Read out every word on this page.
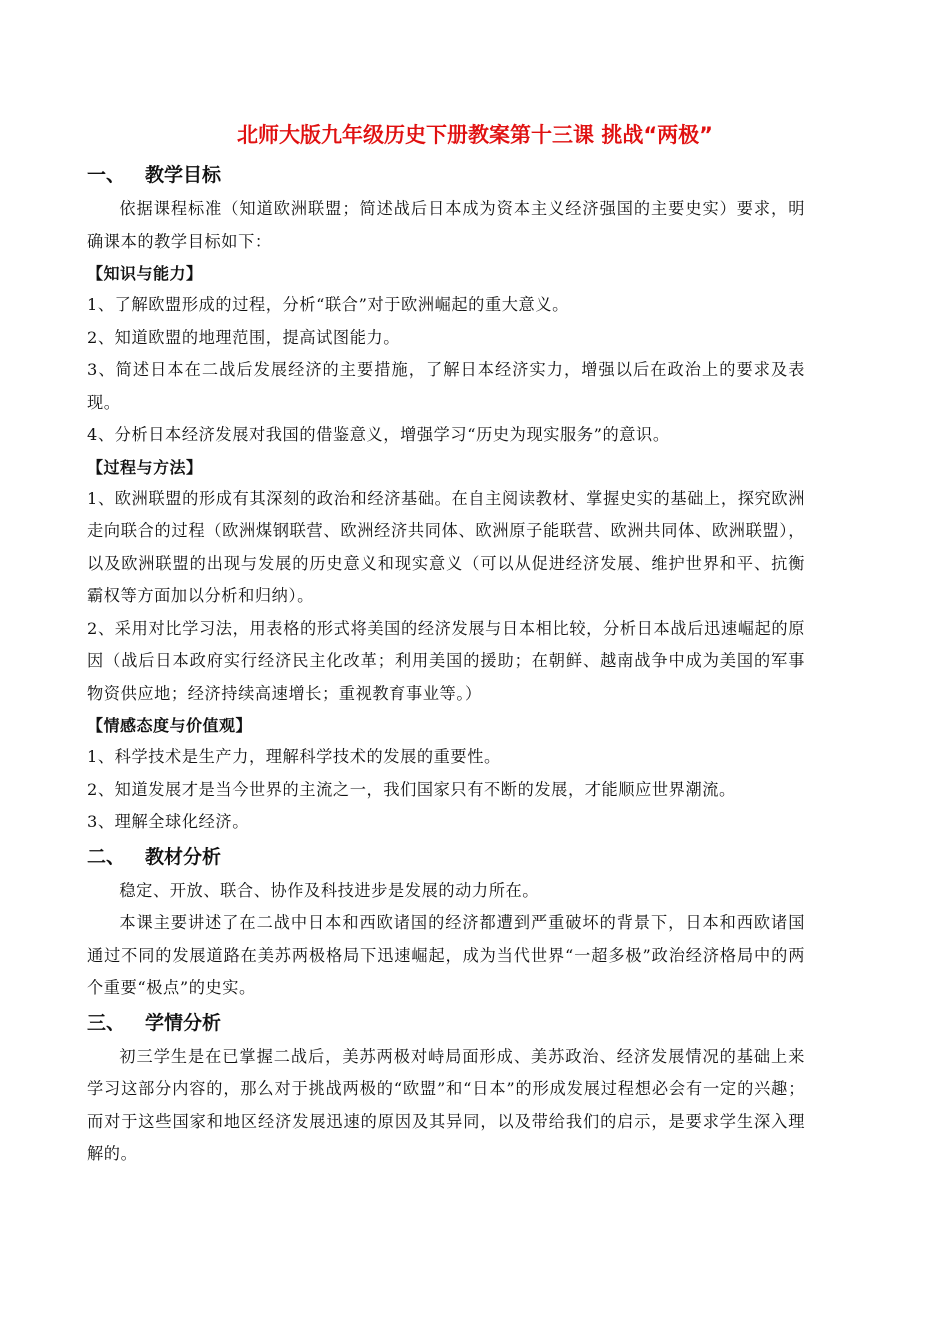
北师大版九年级历史下册教案第十三课 挑战“两极”
一、 教学目标

依据课程标准（知道欧洲联盟；简述战后日本成为资本主义经济强国的主要史实）要求，明确课本的教学目标如下：

【知识与能力】

1、了解欧盟形成的过程，分析“联合”对于欧洲崛起的重大意义。

2、知道欧盟的地理范围，提高试图能力。

3、简述日本在二战后发展经济的主要措施，了解日本经济实力，增强以后在政治上的要求及表现。

4、分析日本经济发展对我国的借鉴意义，增强学习“历史为现实服务”的意识。

【过程与方法】

1、欧洲联盟的形成有其深刻的政治和经济基础。在自主阅读教材、掌握史实的基础上，探究欧洲走向联合的过程（欧洲煤钢联营、欧洲经济共同体、欧洲原子能联营、欧洲共同体、欧洲联盟），以及欧洲联盟的出现与发展的历史意义和现实意义（可以从促进经济发展、维护世界和平、抗衡霸权等方面加以分析和归纳）。

2、采用对比学习法，用表格的形式将美国的经济发展与日本相比较，分析日本战后迅速崛起的原因（战后日本政府实行经济民主化改革；利用美国的援助；在朝鲜、越南战争中成为美国的军事物资供应地；经济持续高速增长；重视教育事业等。）

【情感态度与价值观】

1、科学技术是生产力，理解科学技术的发展的重要性。

2、知道发展才是当今世界的主流之一，我们国家只有不断的发展，才能顺应世界潮流。

3、理解全球化经济。

二、 教材分析

稳定、开放、联合、协作及科技进步是发展的动力所在。

本课主要讲述了在二战中日本和西欧诸国的经济都遭到严重破坏的背景下，日本和西欧诸国通过不同的发展道路在美苏两极格局下迅速崛起，成为当代世界“一超多极”政治经济格局中的两个重要“极点”的史实。

三、 学情分析

初三学生是在已掌握二战后，美苏两极对峙局面形成、美苏政治、经济发展情况的基础上来学习这部分内容的，那么对于挑战两极的“欧盟”和“日本”的形成发展过程想必会有一定的兴趣；而对于这些国家和地区经济发展迅速的原因及其异同，以及带给我们的启示，是要求学生深入理解的。
